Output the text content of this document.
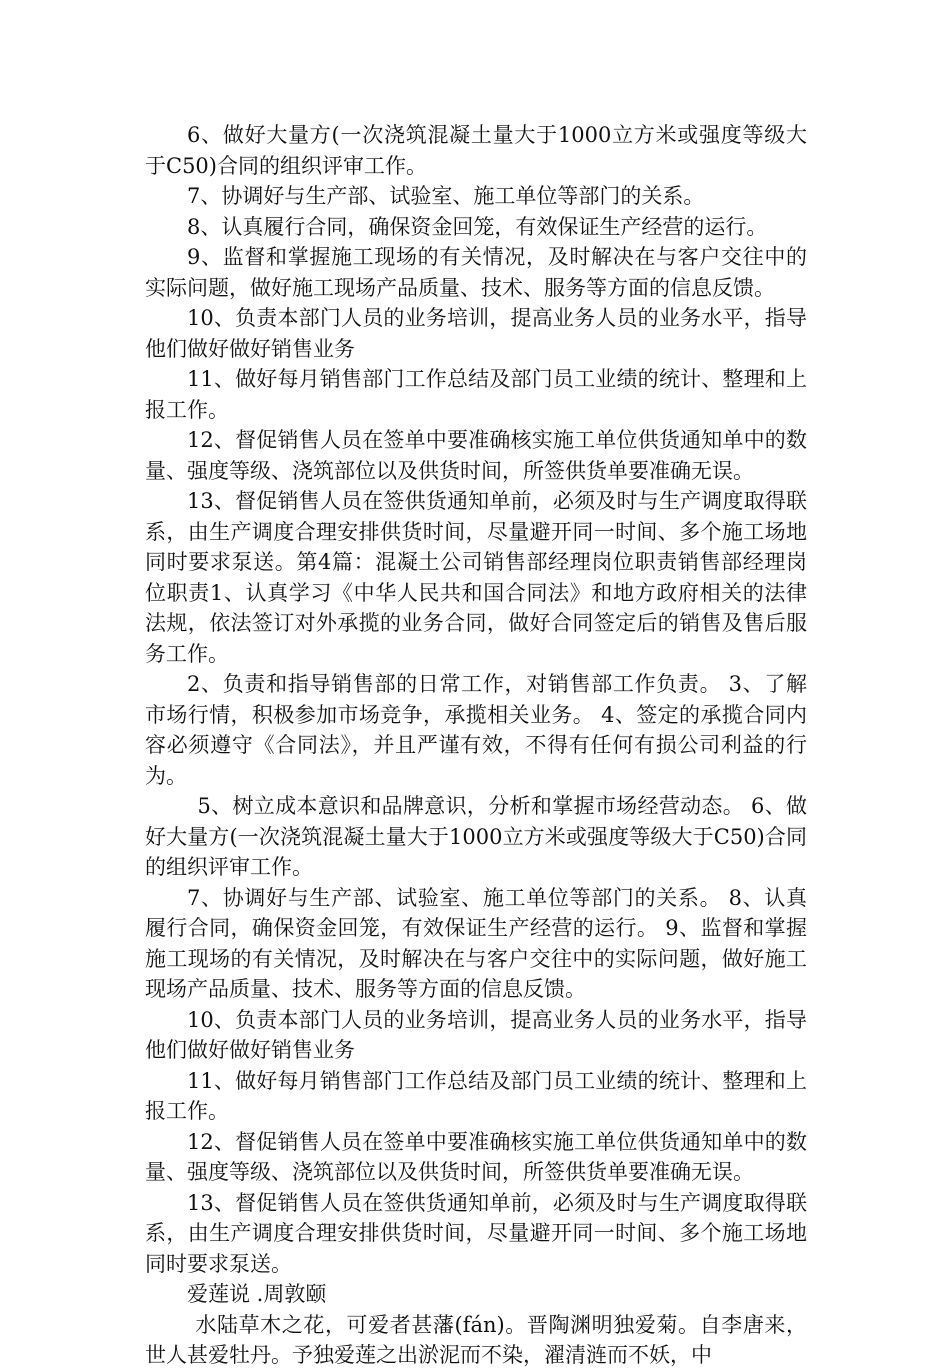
6、做好大量方(一次浇筑混凝土量大于1000立方米或强度等级大于C50)合同的组织评审工作。

7、协调好与生产部、试验室、施工单位等部门的关系。

8、认真履行合同，确保资金回笼，有效保证生产经营的运行。

9、监督和掌握施工现场的有关情况，及时解决在与客户交往中的实际问题，做好施工现场产品质量、技术、服务等方面的信息反馈。

10、负责本部门人员的业务培训，提高业务人员的业务水平，指导他们做好做好销售业务

11、做好每月销售部门工作总结及部门员工业绩的统计、整理和上报工作。

12、督促销售人员在签单中要准确核实施工单位供货通知单中的数量、强度等级、浇筑部位以及供货时间，所签供货单要准确无误。

13、督促销售人员在签供货通知单前，必须及时与生产调度取得联系，由生产调度合理安排供货时间，尽量避开同一时间、多个施工场地同时要求泵送。第4篇：混凝土公司销售部经理岗位职责销售部经理岗位职责1、认真学习《中华人民共和国合同法》和地方政府相关的法律法规，依法签订对外承揽的业务合同，做好合同签定后的销售及售后服务工作。

2、负责和指导销售部的日常工作，对销售部工作负责。 3、了解市场行情，积极参加市场竞争，承揽相关业务。 4、签定的承揽合同内容必须遵守《合同法》，并且严谨有效，不得有任何有损公司利益的行为。

5、树立成本意识和品牌意识，分析和掌握市场经营动态。 6、做好大量方(一次浇筑混凝土量大于1000立方米或强度等级大于C50)合同的组织评审工作。

7、协调好与生产部、试验室、施工单位等部门的关系。 8、认真履行合同，确保资金回笼，有效保证生产经营的运行。 9、监督和掌握施工现场的有关情况，及时解决在与客户交往中的实际问题，做好施工现场产品质量、技术、服务等方面的信息反馈。

10、负责本部门人员的业务培训，提高业务人员的业务水平，指导他们做好做好销售业务

11、做好每月销售部门工作总结及部门员工业绩的统计、整理和上报工作。

12、督促销售人员在签单中要准确核实施工单位供货通知单中的数量、强度等级、浇筑部位以及供货时间，所签供货单要准确无误。

13、督促销售人员在签供货通知单前，必须及时与生产调度取得联系，由生产调度合理安排供货时间，尽量避开同一时间、多个施工场地同时要求泵送。

爱莲说 .周敦颐

水陆草木之花，可爱者甚藩(fán)。晋陶渊明独爱菊。自李唐来，世人甚爱牡丹。予独爱莲之出淤泥而不染，濯清涟而不妖，中
